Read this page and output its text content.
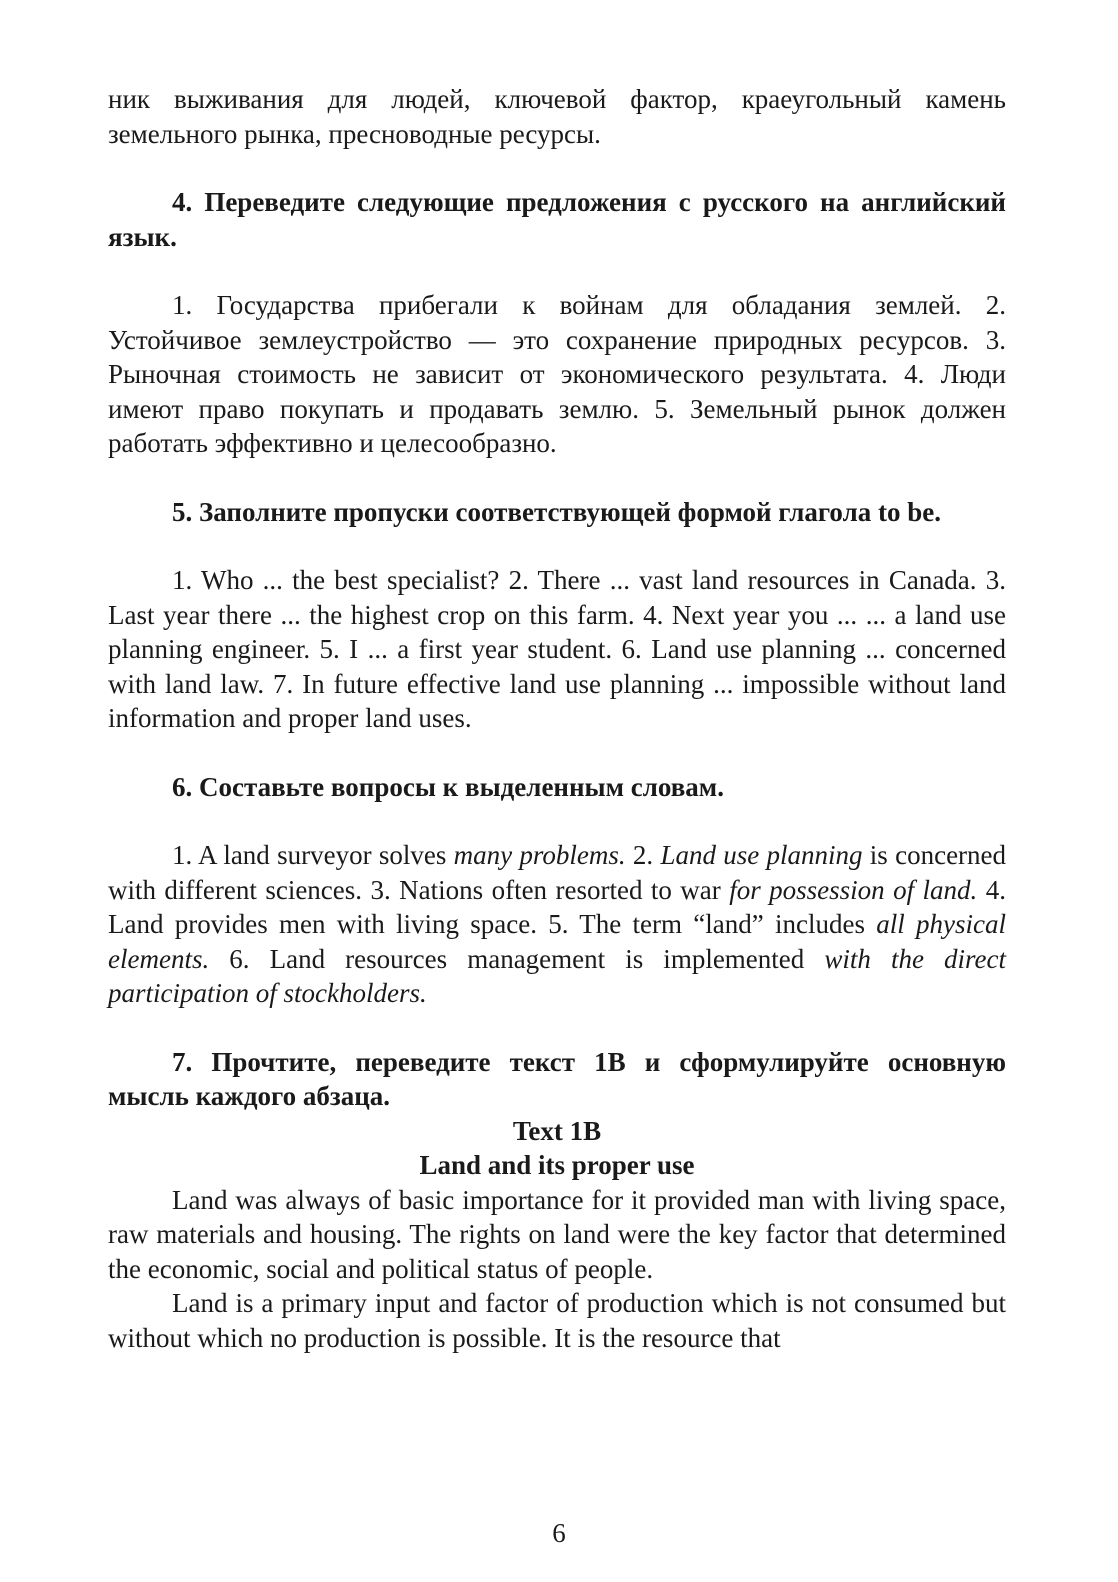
ник выживания для людей, ключевой фактор, краеугольный камень земельного рынка, пресноводные ресурсы.

4. Переведите следующие предложения с русского на английский язык.

1. Государства прибегали к войнам для обладания землей. 2. Устойчивое землеустройство — это сохранение природных ресурсов. 3. Рыночная стоимость не зависит от экономического результата. 4. Люди имеют право покупать и продавать землю. 5. Земельный рынок должен работать эффективно и целесообразно.

5. Заполните пропуски соответствующей формой глагола to be.

1. Who ... the best specialist? 2. There ... vast land resources in Canada. 3. Last year there ... the highest crop on this farm. 4. Next year you ... ... a land use planning engineer. 5. I ... a first year student. 6. Land use planning ... concerned with land law. 7. In future effective land use planning ... impossible without land information and proper land uses.

6. Составьте вопросы к выделенным словам.

1. A land surveyor solves many problems. 2. Land use planning is concerned with different sciences. 3. Nations often resorted to war for possession of land. 4. Land provides men with living space. 5. The term “land” includes all physical elements. 6. Land resources management is implemented with the direct participation of stockholders.

7. Прочтите, переведите текст 1В и сформулируйте основную мысль каждого абзаца.

Text 1B

Land and its proper use

Land was always of basic importance for it provided man with living space, raw materials and housing. The rights on land were the key factor that determined the economic, social and political status of people.

Land is a primary input and factor of production which is not consumed but without which no production is possible. It is the resource that

6
